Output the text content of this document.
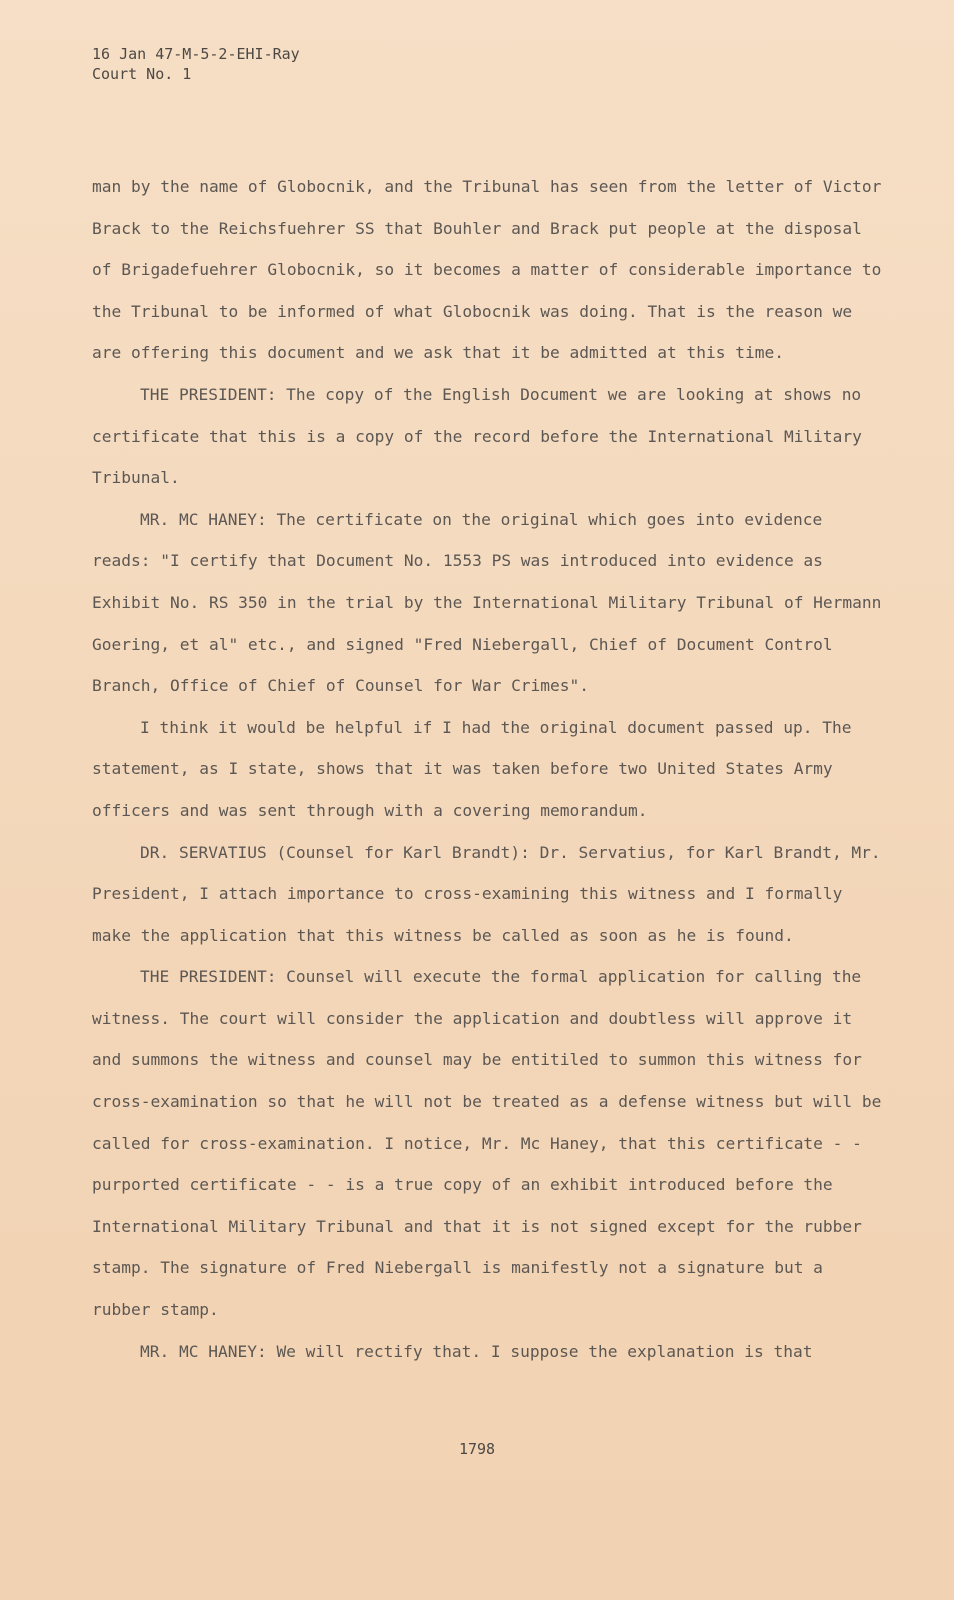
16 Jan 47-M-5-2-EHI-Ray
Court No. 1

man by the name of Globocnik, and the Tribunal has seen from the letter of Victor Brack to the Reichsfuehrer SS that Bouhler and Brack put people at the disposal of Brigadefuehrer Globocnik, so it becomes a matter of considerable importance to the Tribunal to be informed of what Globocnik was doing. That is the reason we are offering this document and we ask that it be admitted at this time.

THE PRESIDENT: The copy of the English Document we are looking at shows no certificate that this is a copy of the record before the International Military Tribunal.

MR. MC HANEY: The certificate on the original which goes into evidence reads: "I certify that Document No. 1553 PS was introduced into evidence as Exhibit No. RS 350 in the trial by the International Military Tribunal of Hermann Goering, et al" etc., and signed "Fred Niebergall, Chief of Document Control Branch, Office of Chief of Counsel for War Crimes".

I think it would be helpful if I had the original document passed up. The statement, as I state, shows that it was taken before two United States Army officers and was sent through with a covering memorandum.

DR. SERVATIUS (Counsel for Karl Brandt): Dr. Servatius, for Karl Brandt, Mr. President, I attach importance to cross-examining this witness and I formally make the application that this witness be called as soon as he is found.

THE PRESIDENT: Counsel will execute the formal application for calling the witness. The court will consider the application and doubtless will approve it and summons the witness and counsel may be entitiled to summon this witness for cross-examination so that he will not be treated as a defense witness but will be called for cross-examination. I notice, Mr. Mc Haney, that this certificate - - purported certificate - - is a true copy of an exhibit introduced before the International Military Tribunal and that it is not signed except for the rubber stamp. The signature of Fred Niebergall is manifestly not a signature but a rubber stamp.

MR. MC HANEY: We will rectify that. I suppose the explanation is that

1798
